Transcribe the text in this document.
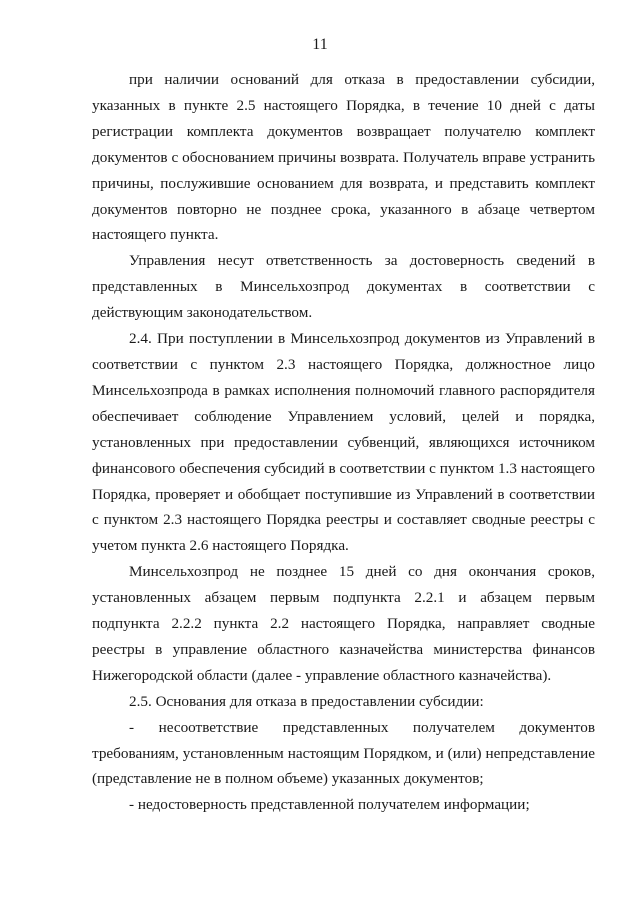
11

при наличии оснований для отказа в предоставлении субсидии, указанных в пункте 2.5 настоящего Порядка, в течение 10 дней с даты регистрации комплекта документов возвращает получателю комплект документов с обоснованием причины возврата. Получатель вправе устранить причины, послужившие основанием для возврата, и представить комплект документов повторно не позднее срока, указанного в абзаце четвертом настоящего пункта.

Управления несут ответственность за достоверность сведений в представленных в Минсельхозпрод документах в соответствии с действующим законодательством.

2.4. При поступлении в Минсельхозпрод документов из Управлений в соответствии с пунктом 2.3 настоящего Порядка, должностное лицо Минсельхозпрода в рамках исполнения полномочий главного распорядителя обеспечивает соблюдение Управлением условий, целей и порядка, установленных при предоставлении субвенций, являющихся источником финансового обеспечения субсидий в соответствии с пунктом 1.3 настоящего Порядка, проверяет и обобщает поступившие из Управлений в соответствии с пунктом 2.3 настоящего Порядка реестры и составляет сводные реестры с учетом пункта 2.6 настоящего Порядка.

Минсельхозпрод не позднее 15 дней со дня окончания сроков, установленных абзацем первым подпункта 2.2.1 и абзацем первым подпункта 2.2.2 пункта 2.2 настоящего Порядка, направляет сводные реестры в управление областного казначейства министерства финансов Нижегородской области (далее - управление областного казначейства).

2.5. Основания для отказа в предоставлении субсидии:

- несоответствие представленных получателем документов требованиям, установленным настоящим Порядком, и (или) непредставление (представление не в полном объеме) указанных документов;

- недостоверность представленной получателем информации;
